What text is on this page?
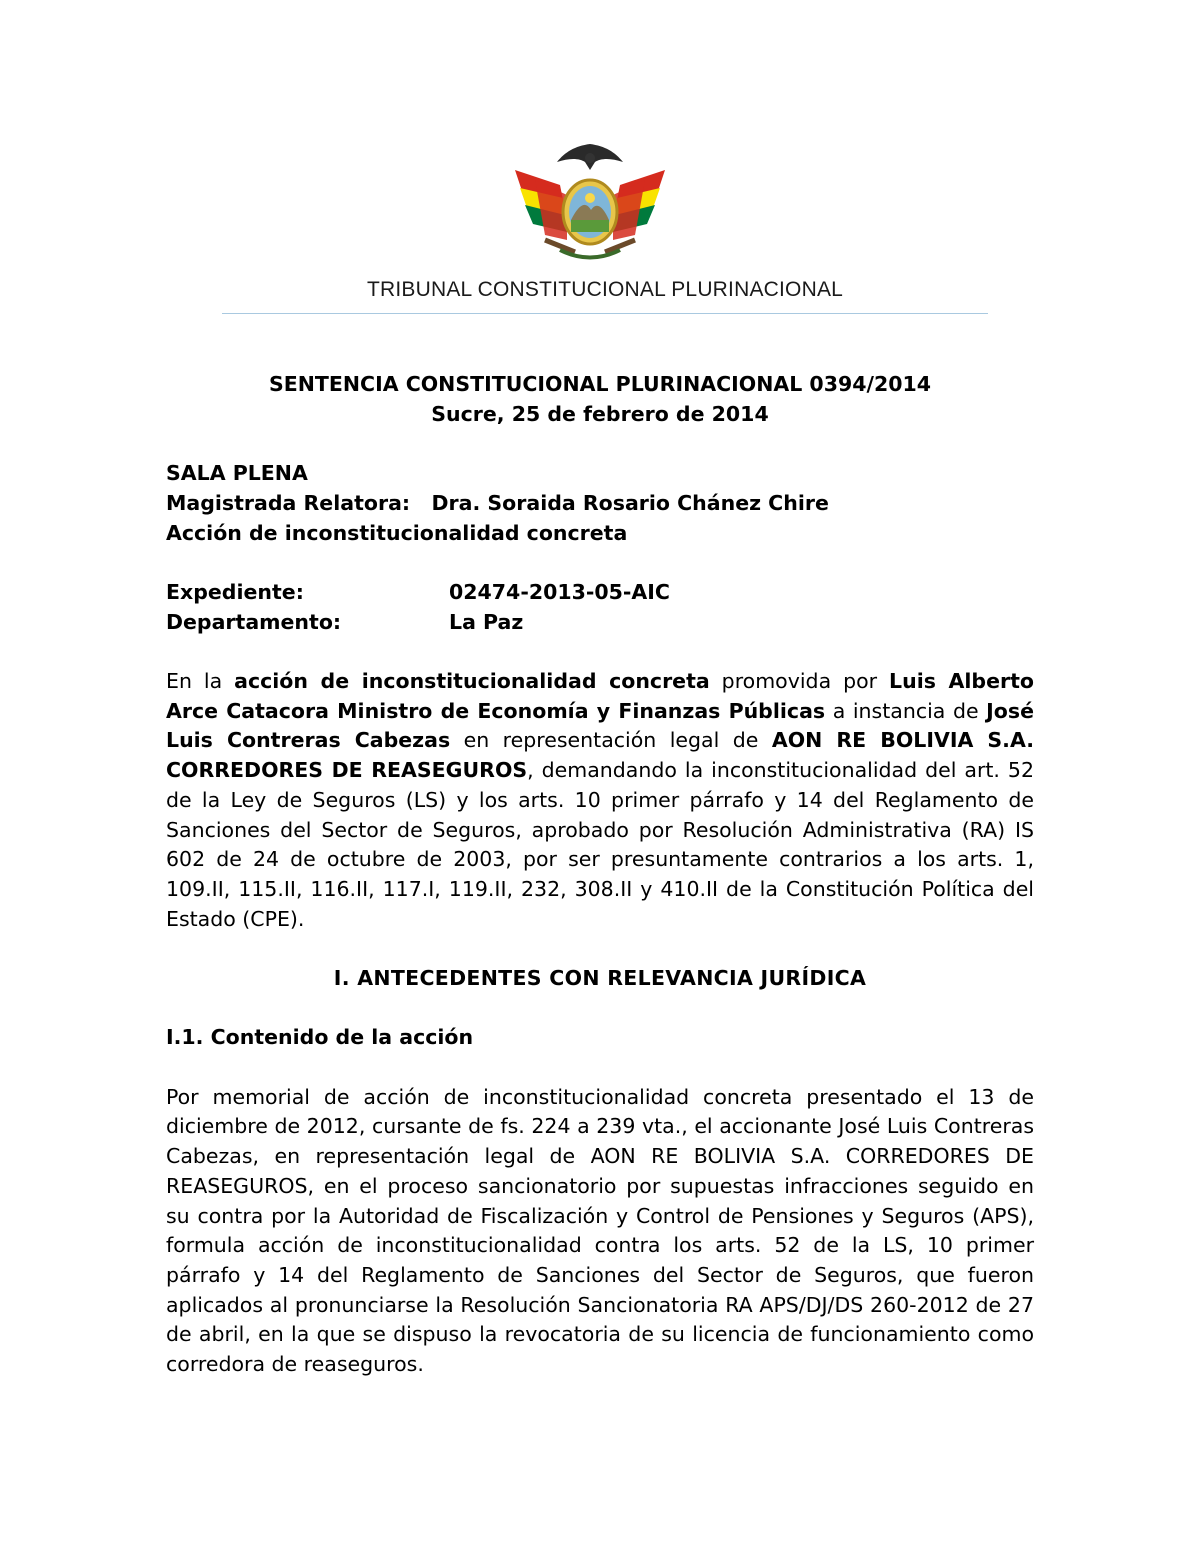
TRIBUNAL CONSTITUCIONAL PLURINACIONAL
SENTENCIA CONSTITUCIONAL PLURINACIONAL 0394/2014
Sucre, 25 de febrero de 2014
SALA PLENA
Magistrada Relatora: Dra. Soraida Rosario Chánez Chire
Acción de inconstitucionalidad concreta
Expediente:	02474-2013-05-AIC
Departamento:	La Paz
En la acción de inconstitucionalidad concreta promovida por Luis Alberto Arce Catacora Ministro de Economía y Finanzas Públicas a instancia de José Luis Contreras Cabezas en representación legal de AON RE BOLIVIA S.A. CORREDORES DE REASEGUROS, demandando la inconstitucionalidad del art. 52 de la Ley de Seguros (LS) y los arts. 10 primer párrafo y 14 del Reglamento de Sanciones del Sector de Seguros, aprobado por Resolución Administrativa (RA) IS 602 de 24 de octubre de 2003, por ser presuntamente contrarios a los arts. 1, 109.II, 115.II, 116.II, 117.I, 119.II, 232, 308.II y 410.II de la Constitución Política del Estado (CPE).
I. ANTECEDENTES CON RELEVANCIA JURÍDICA
I.1. Contenido de la acción
Por memorial de acción de inconstitucionalidad concreta presentado el 13 de diciembre de 2012, cursante de fs. 224 a 239 vta., el accionante José Luis Contreras Cabezas, en representación legal de AON RE BOLIVIA S.A. CORREDORES DE REASEGUROS, en el proceso sancionatorio por supuestas infracciones seguido en su contra por la Autoridad de Fiscalización y Control de Pensiones y Seguros (APS), formula acción de inconstitucionalidad contra los arts. 52 de la LS, 10 primer párrafo y 14 del Reglamento de Sanciones del Sector de Seguros, que fueron aplicados al pronunciarse la Resolución Sancionatoria RA APS/DJ/DS 260-2012 de 27 de abril, en la que se dispuso la revocatoria de su licencia de funcionamiento como corredora de reaseguros.
